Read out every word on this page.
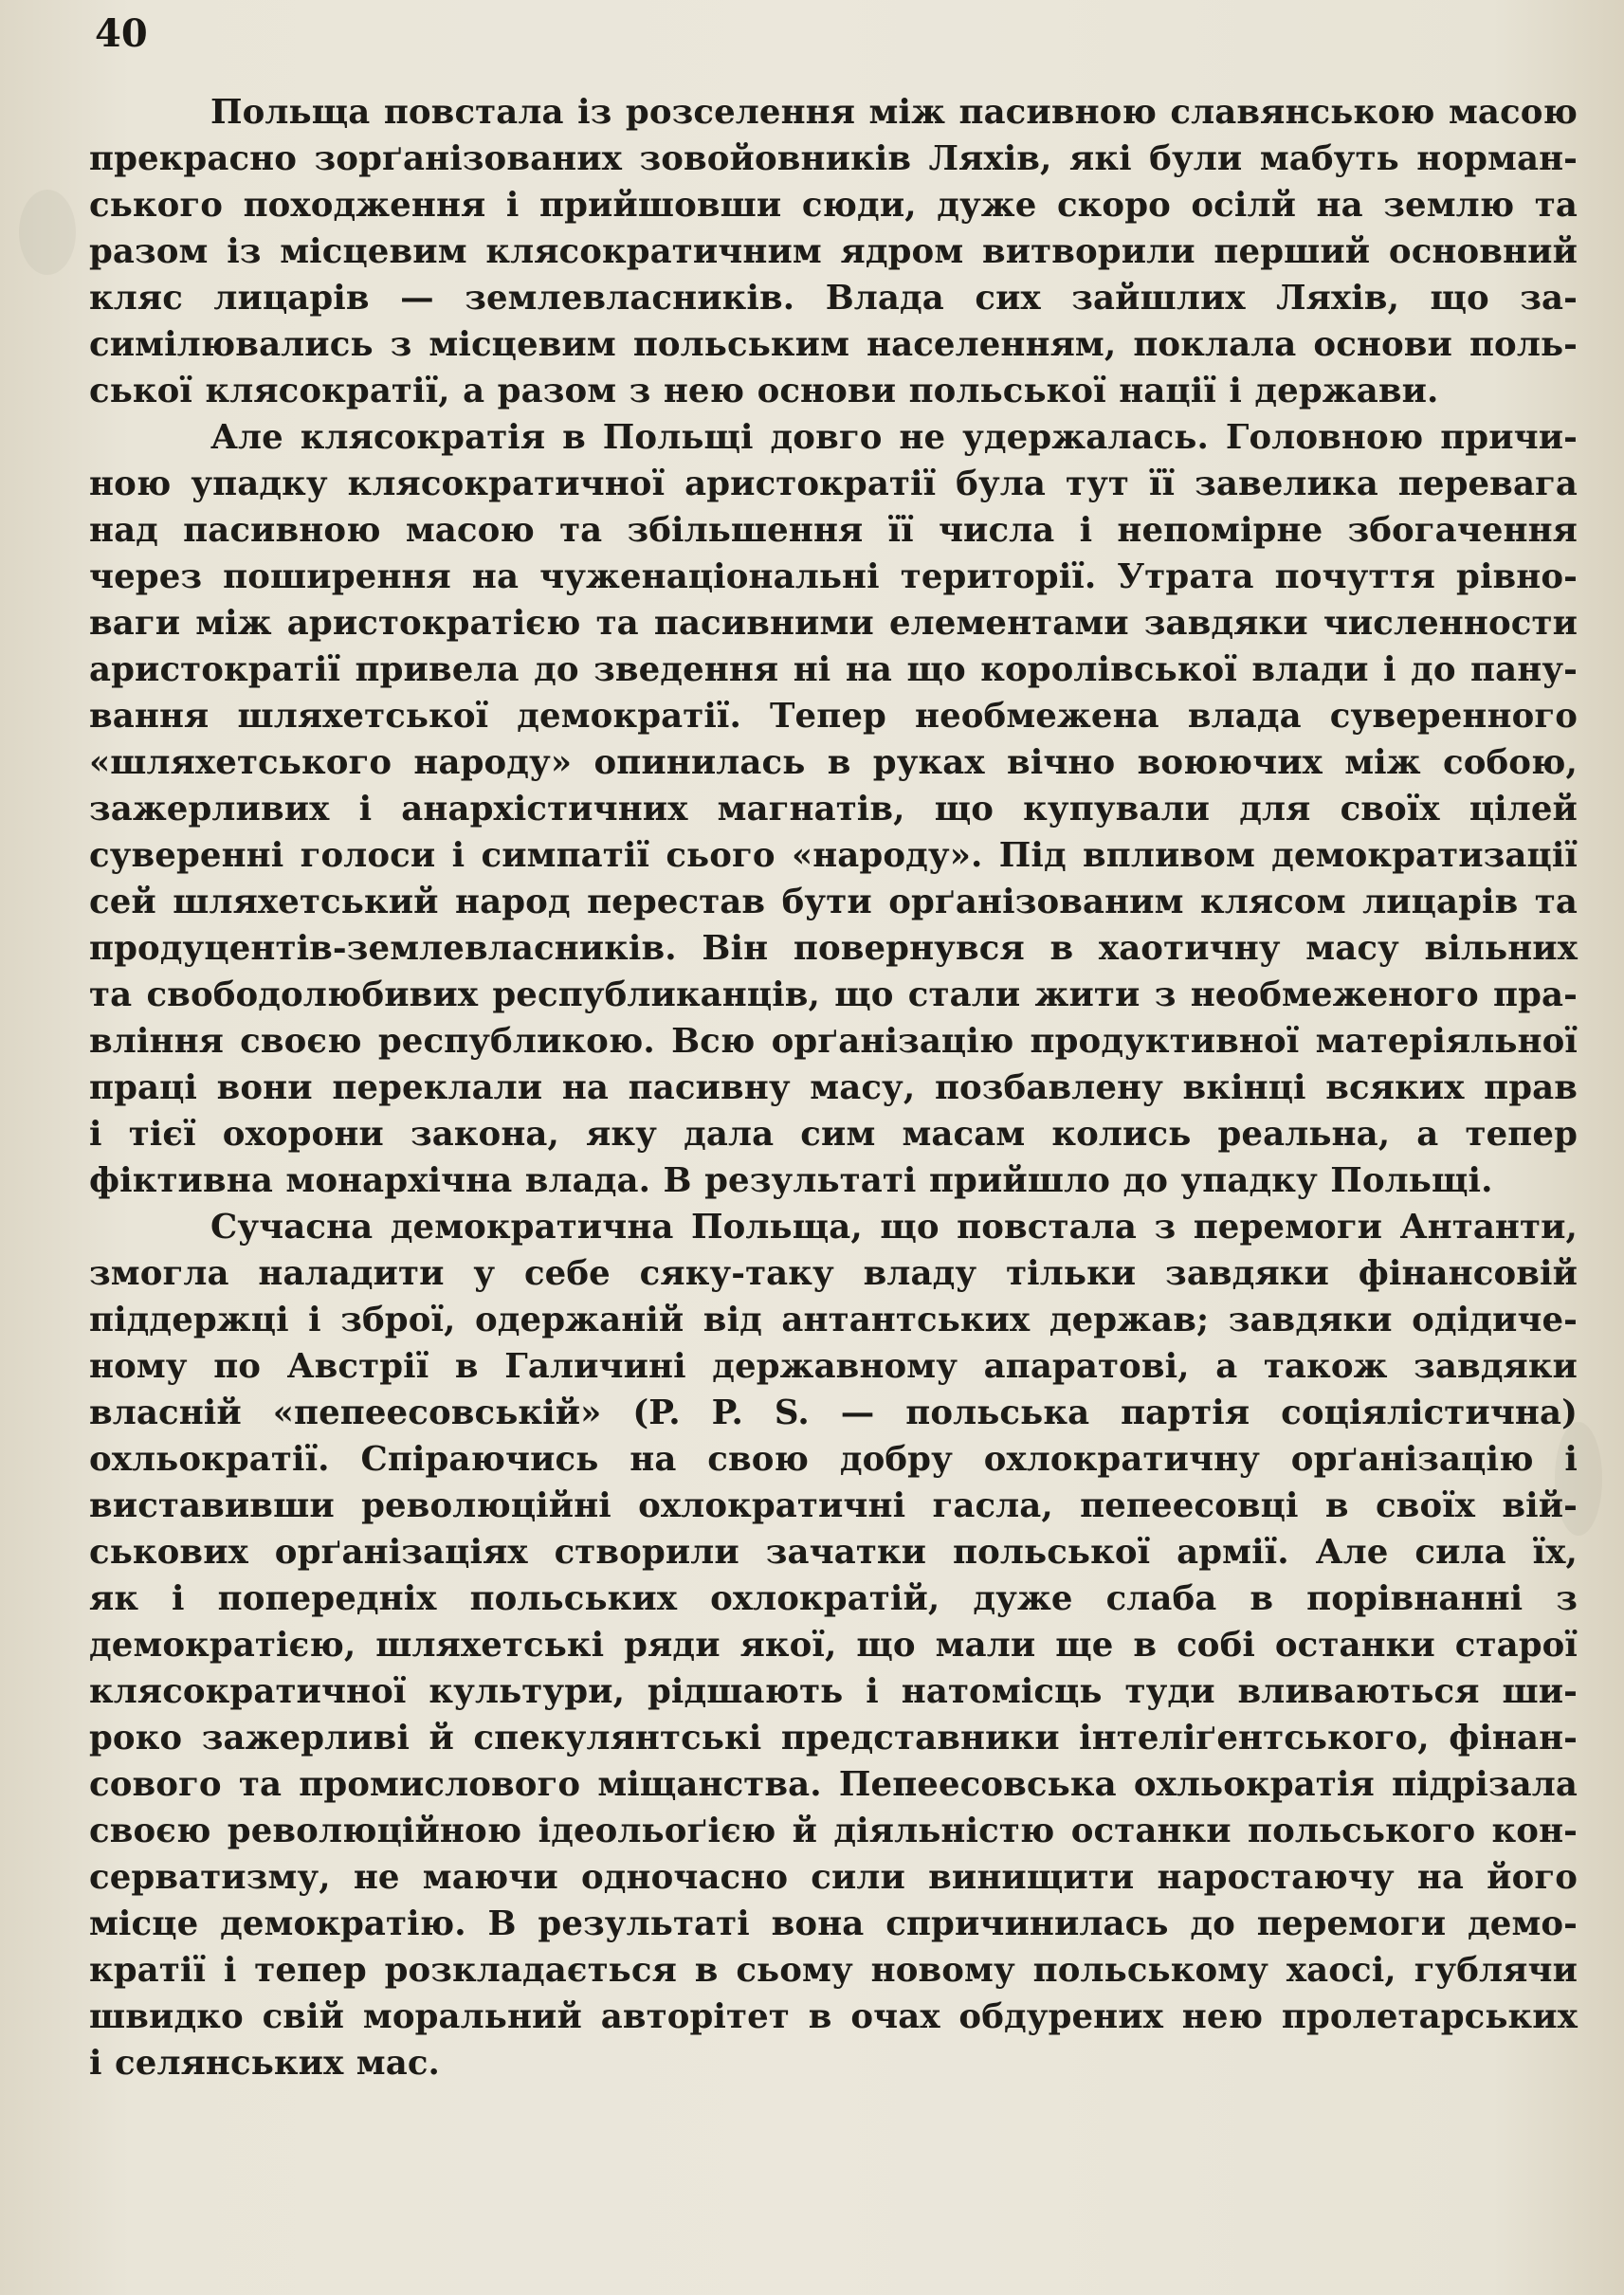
40

Польща повстала із розселення між пасивною славянською масою
прекрасно зорґанізованих зовойовників Ляхів, які були мабуть норман-
ського походження і прийшовши сюди, дуже скоро осілй на землю та
разом із місцевим клясократичним ядром витворили перший основний
кляс лицарів — землевласників. Влада сих зайшлих Ляхів, що за-
симілювались з місцевим польським населенням, поклала основи поль-
ської клясократії, а разом з нею основи польської нації і держави.

Але клясократія в Польщі довго не удержалась. Головною причи-
ною упадку клясократичної аристократії була тут її завелика перевага
над пасивною масою та збільшення її числа і непомірне збогачення
через поширення на чуженаціональні території. Утрата почуття рівно-
ваги між аристократією та пасивними елементами завдяки численности
аристократії привела до зведення ні на що королівської влади і до пану-
вання шляхетської демократії. Тепер необмежена влада суверенного
«шляхетського народу» опинилась в руках вічно воюючих між собою,
зажерливих і анархістичних магнатів, що купували для своїх цілей
суверенні голоси і симпатії сього «народу». Під впливом демократизації
сей шляхетський народ перестав бути орґанізованим клясом лицарів та
продуцентів-землевласників. Він повернувся в хаотичну масу вільних
та свободолюбивих республиканців, що стали жити з необмеженого пра-
вління своєю республикою. Всю орґанізацію продуктивної матеріяльної
праці вони переклали на пасивну масу, позбавлену вкінці всяких прав
і тієї охорони закона, яку дала сим масам колись реальна, а тепер
фіктивна монархічна влада. В результаті прийшло до упадку Польщі.

Сучасна демократична Польща, що повстала з перемоги Антанти,
змогла наладити у себе сяку-таку владу тільки завдяки фінансовій
піддержці і зброї, одержаній від антантських держав; завдяки одідиче-
ному по Австрії в Галичині державному апаратові, а також завдяки
власній «пепеесовській» (P. P. S. — польська партія соціялістична)
охльократії. Спіраючись на свою добру охлократичну орґанізацію і
виставивши революційні охлократичні гасла, пепеесовці в своїх вій-
ськових орґанізаціях створили зачатки польської армії. Але сила їх,
як і попередніх польських охлократій, дуже слаба в порівнанні з
демократією, шляхетські ряди якої, що мали ще в собі останки старої
клясократичної культури, рідшають і натомісць туди вливаються ши-
роко зажерливі й спекулянтські представники інтеліґентського, фінан-
сового та промислового міщанства. Пепеесовська охльократія підрізала
своєю революційною ідеольоґією й діяльністю останки польського кон-
серватизму, не маючи одночасно сили винищити наростаючу на його
місце демократію. В результаті вона спричинилась до перемоги демо-
кратії і тепер розкладається в сьому новому польському хаосі, гублячи
швидко свій моральний авторітет в очах обдурених нею пролетарських
і селянських мас.
